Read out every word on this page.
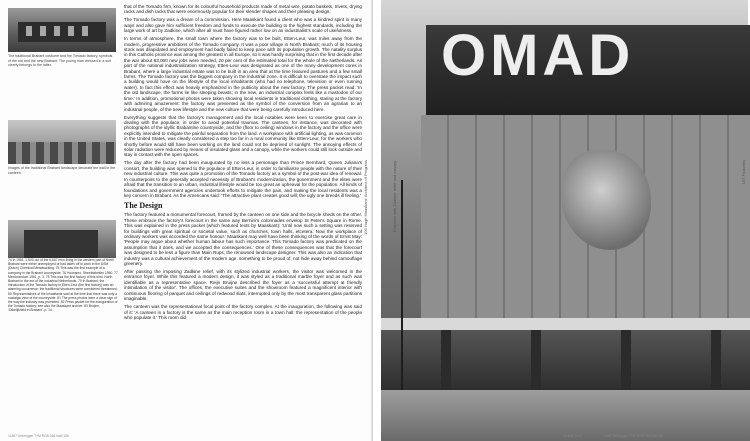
The traditional Brabant costume and the Tomado factory, symbols of the old and the new Brabant. The young man dressed in a suit clearly belongs to the latter.
Images of the traditional Brabant landscape decorate the wall in the canteen.
74 In 1951, 1,600 out of the 6,667 men living in the western part of North Brabant were either unemployed or had taken off to work in the DSM (Dutch) Chemical Metalworking. 75 This was the first example of a company in the Brabant countryside. 76 Hoonsmo, Streektabellen 1960. 77 Memorandum 1961, p. 3. 78 This was the first factory of this kind; North Brabant in the era of the industrial Netherlands. 79 In Brabant, the introduction of the Tomado factory in Etten-Leur (the first factory) was an alarming occurrence: the traditional structures were considered threatened. 80 Representatives of the inhabitants said at the time that there was only a nostalgic view of the countryside. 81 The press photos were a clear sign of the way the industry was promoted. 82 Press packet for the inauguration of the Tomado factory; see also the Maaskant archive. 83 Bruijne, 'Zakelijkheid in Brabant', p. 14.

that of the Tomado firm, known for its colourful household products made of metal wire, potato baskets, trivets, drying racks and dish racks that were enormously popular for their slender shapes and their pleasing design.

The Tomado factory was a dream of a commission. Here Maaskant found a client who was a kindred spirit in many ways and also gave him sufficient freedom and funds to execute the building to the highest standards, including the large work of art by Zadkine, which after all must have figured rather low on an industrialist's scale of usefulness.

In terms of atmosphere, the small town where the factory was to be built, Etten-Leur, was miles away from the modern, progressive ambitions of the Tomado company. It was a poor village in North Brabant; much of its housing stock was dilapidated and employment had badly failed to keep pace with its population growth. The natality surplus in this Catholic province was among the greatest in all Europe, so it was hardly surprising that in the first decade after the war about 63,000 new jobs were needed, 20 per cent of the estimated total for the whole of the Netherlands. As part of the national industrialization strategy, Etten-Leur was designated as one of the many development cores in Brabant, where a large industrial estate was to be built in an area that at the time featured pastures and a few small farms. The Tomado factory was the biggest company in the industrial zone. It is difficult to overstate the impact such a building would have on the lifestyle of the local inhabitants (who had no telephone, television or even running water). In fact this effect was heavily emphasized in the publicity about the new factory. The press packet read: 'In the old landscape, the farms lie like sleeping beasts; in the new, an industrial complex feels like a mastodon of our time.' In addition, promotional photos were taken showing local residents in traditional clothing, staring at the factory with admiring amazement: the factory was presented as the symbol of the conversion from an agrarian to an industrial people, of the new lifestyle and the new culture that were being carefully introduced here.

Everything suggests that the factory's management and the local notables were keen to exercise great care in dealing with the populace, in order to avoid potential traumas. The canteen, for instance, was decorated with photographs of the idyllic Brabantine countryside, and the (floor to ceiling) windows in the factory and the office were explicitly intended to mitigate the painful separation from the land. A workplace with artificial lighting, as was common in the United States, was clearly considered a step too far in a rural community like Etten-Leur, for the workers who shortly before would still have been working on the land could not be deprived of sunlight. The annoying effects of solar radiation were reduced by means of insulated glass and a canopy, while the workers could still look outside and stay in contact with the open spaces.

The day after the factory had been inaugurated by no less a personage than Prince Bernhard, Queen Juliana's consort, the building was opened to the populace of Etten-Leur, in order to familiarize people with the nature of their new industrial culture. This was quite a promotion of the Tomado factory as a symbol of the post-war idea of renewal. In counterpoint to the generally accepted necessity of Brabant's modernization, the government and the elites were afraid that the transition to an urban, industrial lifestyle would be too great an upheaval for the population. All kinds of foundations and government agencies undertook efforts to mitigate the pain, and making the local residents was a key concern in Brabant. As the Americans said: 'The attractive plant creates good will; the ugly one breeds ill feeling.'

The Design

The factory featured a monumental forecourt, framed by the canteen on one side and the bicycle sheds on the other. These embrace the factory's forecourt in the same way Bernini's colonnades envelop St Peter's Square in Rome. This was explained in the press packet (which featured texts by Maaskant): 'Until now such a setting was reserved for buildings with great spiritual or societal value, such as churches, town halls, etcetera. Now the workplace of ordinary workers was accorded the same honour.' Maaskant may well have been thinking of the words of Ernst May: 'People may argue about whether human labour has such importance. This Tomado factory was predicated on the assumption that it does, and we accepted the consequences.' One of these consequences was that the forecourt was designed to be less a figure than Main Rups, the renowned landscape designer. This was also an indication that industry was a cultural achievement of the modern age, something to be proud of, not hide away behind camouflage greenery.

After passing the imposing Zadkine relief, with its stylized industrial workers, the visitor was welcomed in the entrance foyer. While this featured a modern design, it was styled as a traditional marble foyer and as such was identifiable as a representative space. Reijn Bruijne described the foyer as a 'successful attempt at friendly intimidation of the visitor'. The offices, the executive suites and the showroom featured a magnificent interior with continuous flooring of parquet and ceilings of redwood slats, interrupted only by the most transparent glass partitions imaginable.

The canteen was the representational focal point of the factory complex. At the inauguration, the following was said of it: 'A canteen in a factory is the same as the main reception room in a town hall: the representation of the people who populate it.' This room did

106 Hugh Maaskant: Architect of Progress
11367 Geheugen T+M RGB 018.indd 106
OMAD
Entrance with Zadkine relief and canopy.
8/16/11 10:17	11367 Geheugen T+M RGB 018.indd 107
107 Factories
